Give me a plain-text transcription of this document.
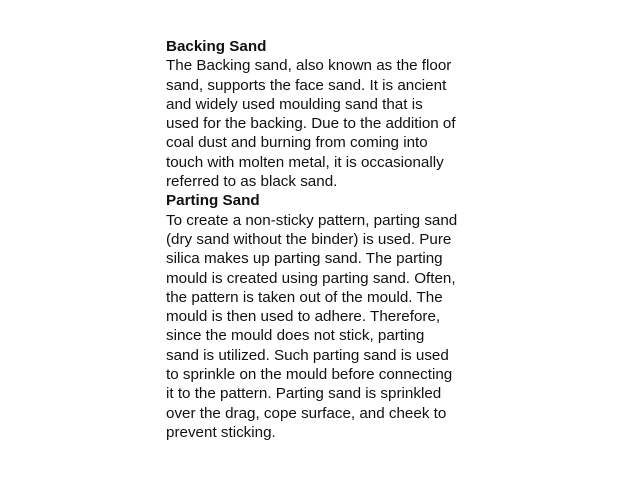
Backing Sand
The Backing sand, also known as the floor
sand, supports the face sand. It is ancient
and widely used moulding sand that is
used for the backing. Due to the addition of
coal dust and burning from coming into
touch with molten metal, it is occasionally
referred to as black sand.
Parting Sand
To create a non-sticky pattern, parting sand
(dry sand without the binder) is used. Pure
silica makes up parting sand. The parting
mould is created using parting sand. Often,
the pattern is taken out of the mould. The
mould is then used to adhere. Therefore,
since the mould does not stick, parting
sand is utilized. Such parting sand is used
to sprinkle on the mould before connecting
it to the pattern. Parting sand is sprinkled
over the drag, cope surface, and cheek to
prevent sticking.
